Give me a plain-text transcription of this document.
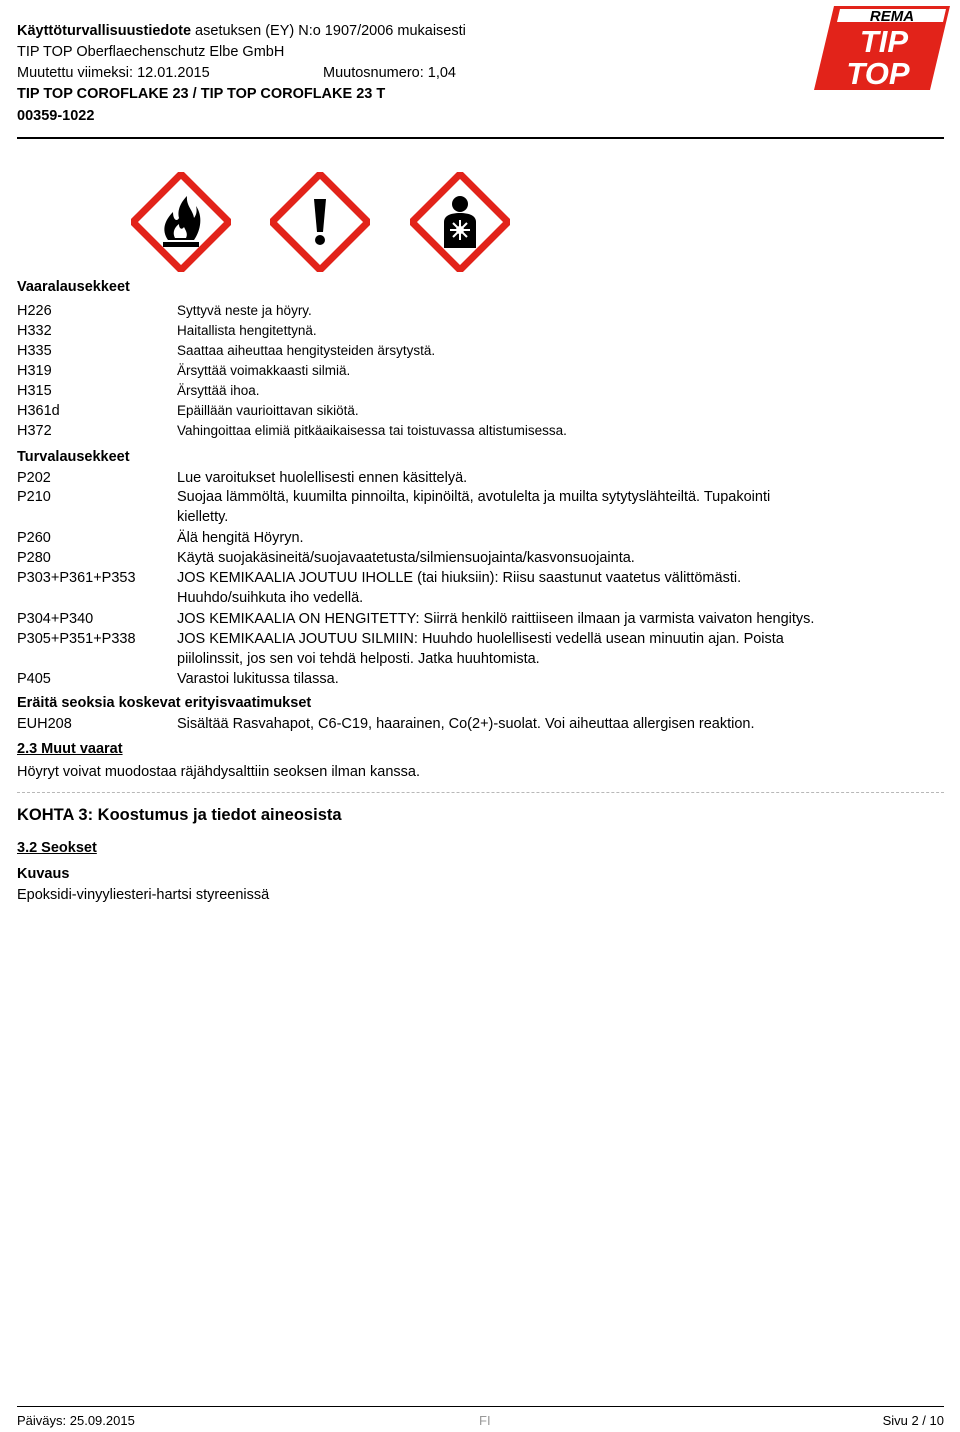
Käyttöturvallisuustiedote asetuksen (EY) N:o 1907/2006 mukaisesti
TIP TOP Oberflaechenschutz Elbe GmbH
Muutettu viimeksi: 12.01.2015	Muutosnumero: 1,04
TIP TOP COROFLAKE 23 / TIP TOP COROFLAKE 23 T
00359-1022
REMA
TIP
TOP
Vaaralausekkeet
H226	Syttyvä neste ja höyry.
H332	Haitallista hengitettynä.
H335	Saattaa aiheuttaa hengitysteiden ärsytystä.
H319	Ärsyttää voimakkaasti silmiä.
H315	Ärsyttää ihoa.
H361d	Epäillään vaurioittavan sikiötä.
H372	Vahingoittaa elimiä pitkäaikaisessa tai toistuvassa altistumisessa.
Turvalausekkeet
P202	Lue varoitukset huolellisesti ennen käsittelyä.
P210	Suojaa lämmöltä, kuumilta pinnoilta, kipinöiltä, avotulelta ja muilta sytytyslähteiltä. Tupakointi
kielletty.
P260	Älä hengitä Höyryn.
P280	Käytä suojakäsineitä/suojavaatetusta/silmiensuojainta/kasvonsuojainta.
P303+P361+P353	JOS KEMIKAALIA JOUTUU IHOLLE (tai hiuksiin): Riisu saastunut vaatetus välittömästi.
Huuhdo/suihkuta iho vedellä.
P304+P340	JOS KEMIKAALIA ON HENGITETTY: Siirrä henkilö raittiiseen ilmaan ja varmista vaivaton hengitys.
P305+P351+P338	JOS KEMIKAALIA JOUTUU SILMIIN: Huuhdo huolellisesti vedellä usean minuutin ajan. Poista
piilolinssit, jos sen voi tehdä helposti. Jatka huuhtomista.
P405	Varastoi lukitussa tilassa.
Eräitä seoksia koskevat erityisvaatimukset
EUH208	Sisältää Rasvahapot, C6-C19, haarainen, Co(2+)-suolat. Voi aiheuttaa allergisen reaktion.
2.3 Muut vaarat
Höyryt voivat muodostaa räjähdysalttiin seoksen ilman kanssa.
KOHTA 3: Koostumus ja tiedot aineosista
3.2 Seokset
Kuvaus
Epoksidi-vinyyliesteri-hartsi styreenissä
Päiväys: 25.09.2015	FI	Sivu 2 / 10
